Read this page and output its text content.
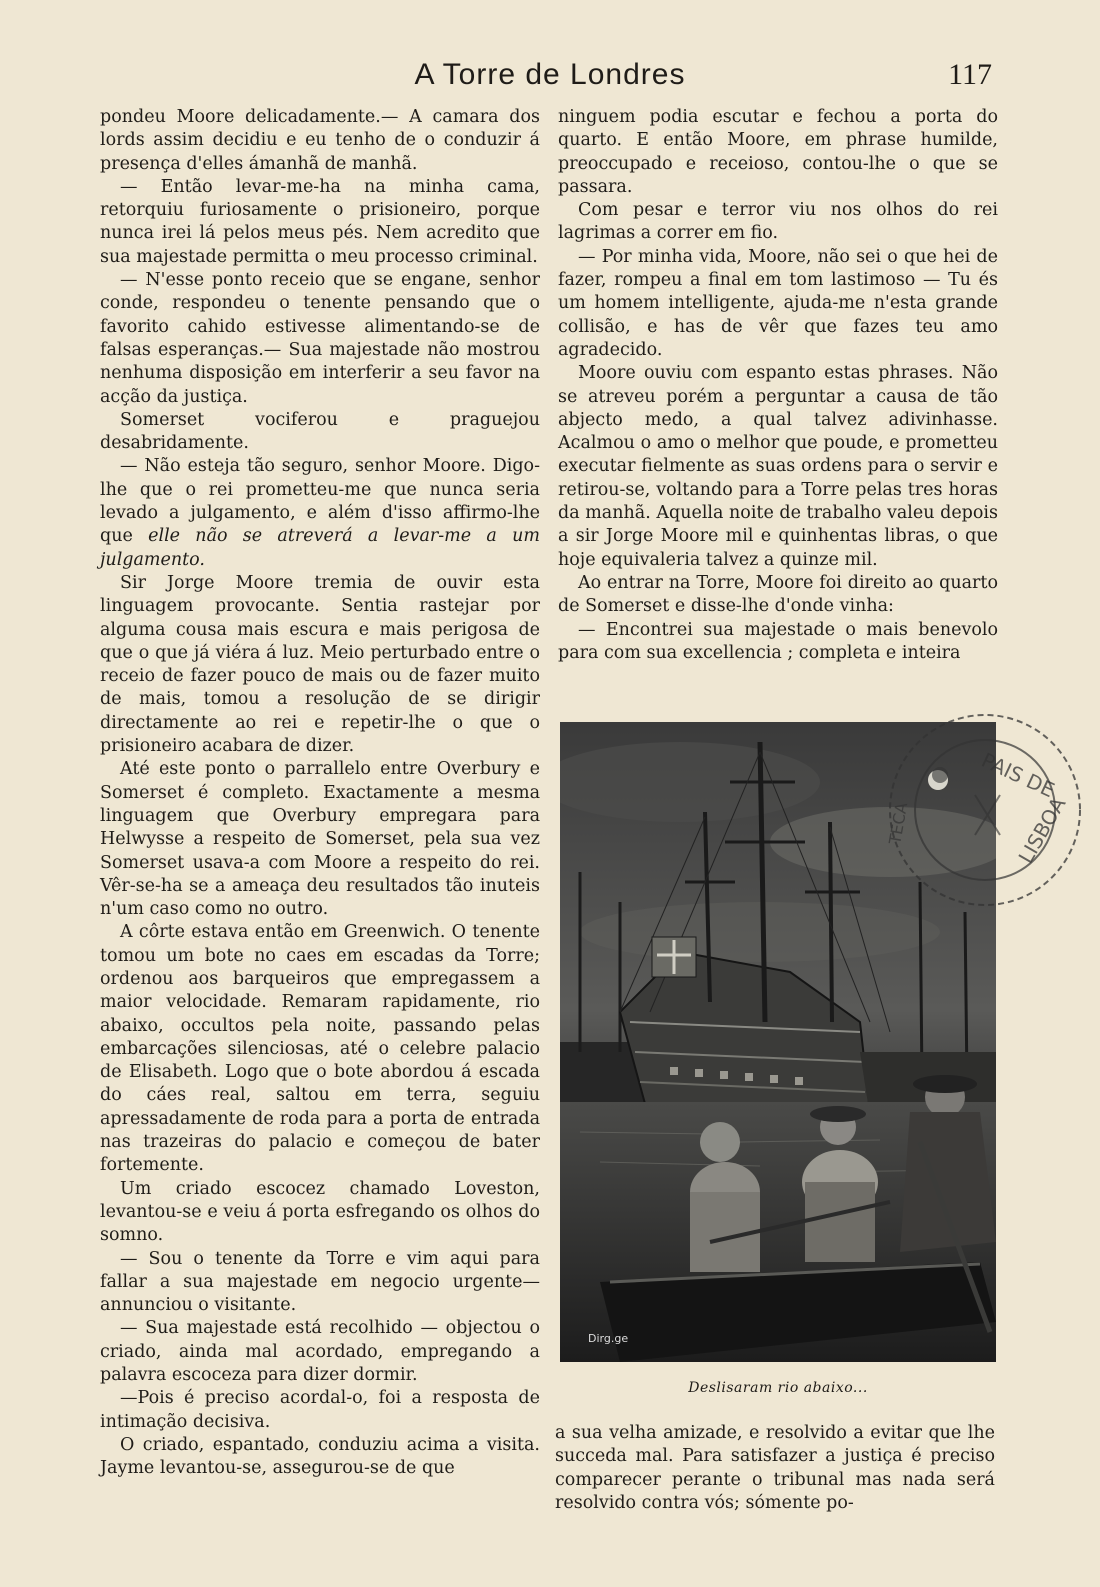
A Torre de Londres	117

pondeu Moore delicadamente.— A camara dos lords assim decidiu e eu tenho de o conduzir á presença d'elles ámanhã de manhã.

— Então levar-me-ha na minha cama, retorquiu furiosamente o prisioneiro, porque nunca irei lá pelos meus pés. Nem acredito que sua majestade permitta o meu processo criminal.

— N'esse ponto receio que se engane, senhor conde, respondeu o tenente pensando que o favorito cahido estivesse alimentando-se de falsas esperanças.— Sua majestade não mostrou nenhuma disposição em interferir a seu favor na acção da justiça.

Somerset vociferou e praguejou desabridamente.

— Não esteja tão seguro, senhor Moore. Digo-lhe que o rei prometteu-me que nunca seria levado a julgamento, e além d'isso affirmo-lhe que elle não se atreverá a levar-me a um julgamento.

Sir Jorge Moore tremia de ouvir esta linguagem provocante. Sentia rastejar por alguma cousa mais escura e mais perigosa de que o que já viéra á luz. Meio perturbado entre o receio de fazer pouco de mais ou de fazer muito de mais, tomou a resolução de se dirigir directamente ao rei e repetir-lhe o que o prisioneiro acabara de dizer.

Até este ponto o parrallelo entre Overbury e Somerset é completo. Exactamente a mesma linguagem que Overbury empregara para Helwysse a respeito de Somerset, pela sua vez Somerset usava-a com Moore a respeito do rei. Vêr-se-ha se a ameaça deu resultados tão inuteis n'um caso como no outro.

A côrte estava então em Greenwich. O tenente tomou um bote no caes em escadas da Torre; ordenou aos barqueiros que empregassem a maior velocidade. Remaram rapidamente, rio abaixo, occultos pela noite, passando pelas embarcações silenciosas, até o celebre palacio de Elisabeth. Logo que o bote abordou á escada do cáes real, saltou em terra, seguiu apressadamente de roda para a porta de entrada nas trazeiras do palacio e começou de bater fortemente.

Um criado escocez chamado Loveston, levantou-se e veiu á porta esfregando os olhos do somno.

— Sou o tenente da Torre e vim aqui para fallar a sua majestade em negocio urgente— annunciou o visitante.

— Sua majestade está recolhido — objectou o criado, ainda mal acordado, empregando a palavra escoceza para dizer dormir.

—Pois é preciso acordal-o, foi a resposta de intimação decisiva.

O criado, espantado, conduziu acima a visita. Jayme levantou-se, assegurou-se de que

ninguem podia escutar e fechou a porta do quarto. E então Moore, em phrase humilde, preoccupado e receioso, contou-lhe o que se passara.

Com pesar e terror viu nos olhos do rei lagrimas a correr em fio.

— Por minha vida, Moore, não sei o que hei de fazer, rompeu a final em tom lastimoso — Tu és um homem intelligente, ajuda-me n'esta grande collisão, e has de vêr que fazes teu amo agradecido.

Moore ouviu com espanto estas phrases. Não se atreveu porém a perguntar a causa de tão abjecto medo, a qual talvez adivinhasse. Acalmou o amo o melhor que poude, e prometteu executar fielmente as suas ordens para o servir e retirou-se, voltando para a Torre pelas tres horas da manhã. Aquella noite de trabalho valeu depois a sir Jorge Moore mil e quinhentas libras, o que hoje equivaleria talvez a quinze mil.

Ao entrar na Torre, Moore foi direito ao quarto de Somerset e disse-lhe d'onde vinha:

— Encontrei sua majestade o mais benevolo para com sua excellencia ; completa e inteira

Dirg.ge
Deslisaram rio abaixo...
PAIS DE
LISBOA
TECA

a sua velha amizade, e resolvido a evitar que lhe succeda mal. Para satisfazer a justiça é preciso comparecer perante o tribunal mas nada será resolvido contra vós; sómente po-
